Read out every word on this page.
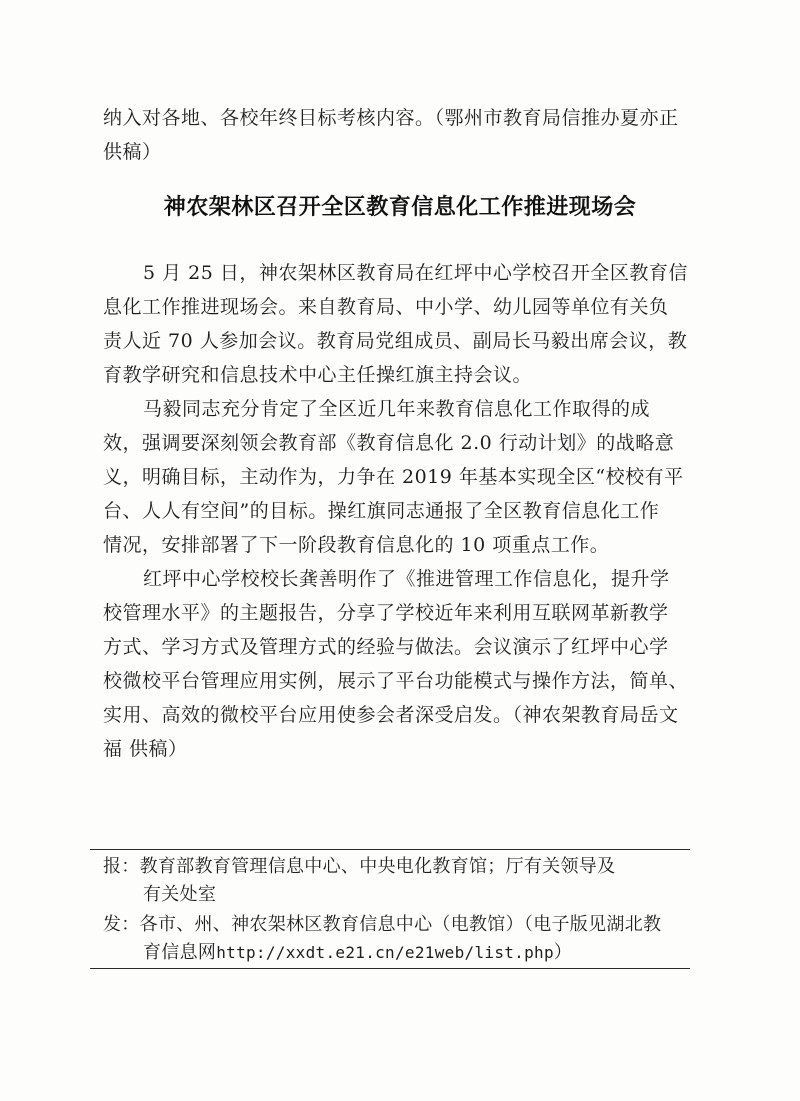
纳入对各地、各校年终目标考核内容。（鄂州市教育局信推办夏亦正
供稿）
神农架林区召开全区教育信息化工作推进现场会
5 月 25 日，神农架林区教育局在红坪中心学校召开全区教育信
息化工作推进现场会。来自教育局、中小学、幼儿园等单位有关负
责人近 70 人参加会议。教育局党组成员、副局长马毅出席会议，教
育教学研究和信息技术中心主任操红旗主持会议。
马毅同志充分肯定了全区近几年来教育信息化工作取得的成
效，强调要深刻领会教育部《教育信息化 2.0 行动计划》的战略意
义，明确目标，主动作为，力争在 2019 年基本实现全区“校校有平
台、人人有空间”的目标。操红旗同志通报了全区教育信息化工作
情况，安排部署了下一阶段教育信息化的 10 项重点工作。
红坪中心学校校长龚善明作了《推进管理工作信息化，提升学
校管理水平》的主题报告，分享了学校近年来利用互联网革新教学
方式、学习方式及管理方式的经验与做法。会议演示了红坪中心学
校微校平台管理应用实例，展示了平台功能模式与操作方法，简单、
实用、高效的微校平台应用使参会者深受启发。（神农架教育局岳文
福 供稿）
报：教育部教育管理信息中心、中央电化教育馆；厅有关领导及
有关处室
发：各市、州、神农架林区教育信息中心（电教馆）（电子版见湖北教
育信息网http://xxdt.e21.cn/e21web/list.php）
